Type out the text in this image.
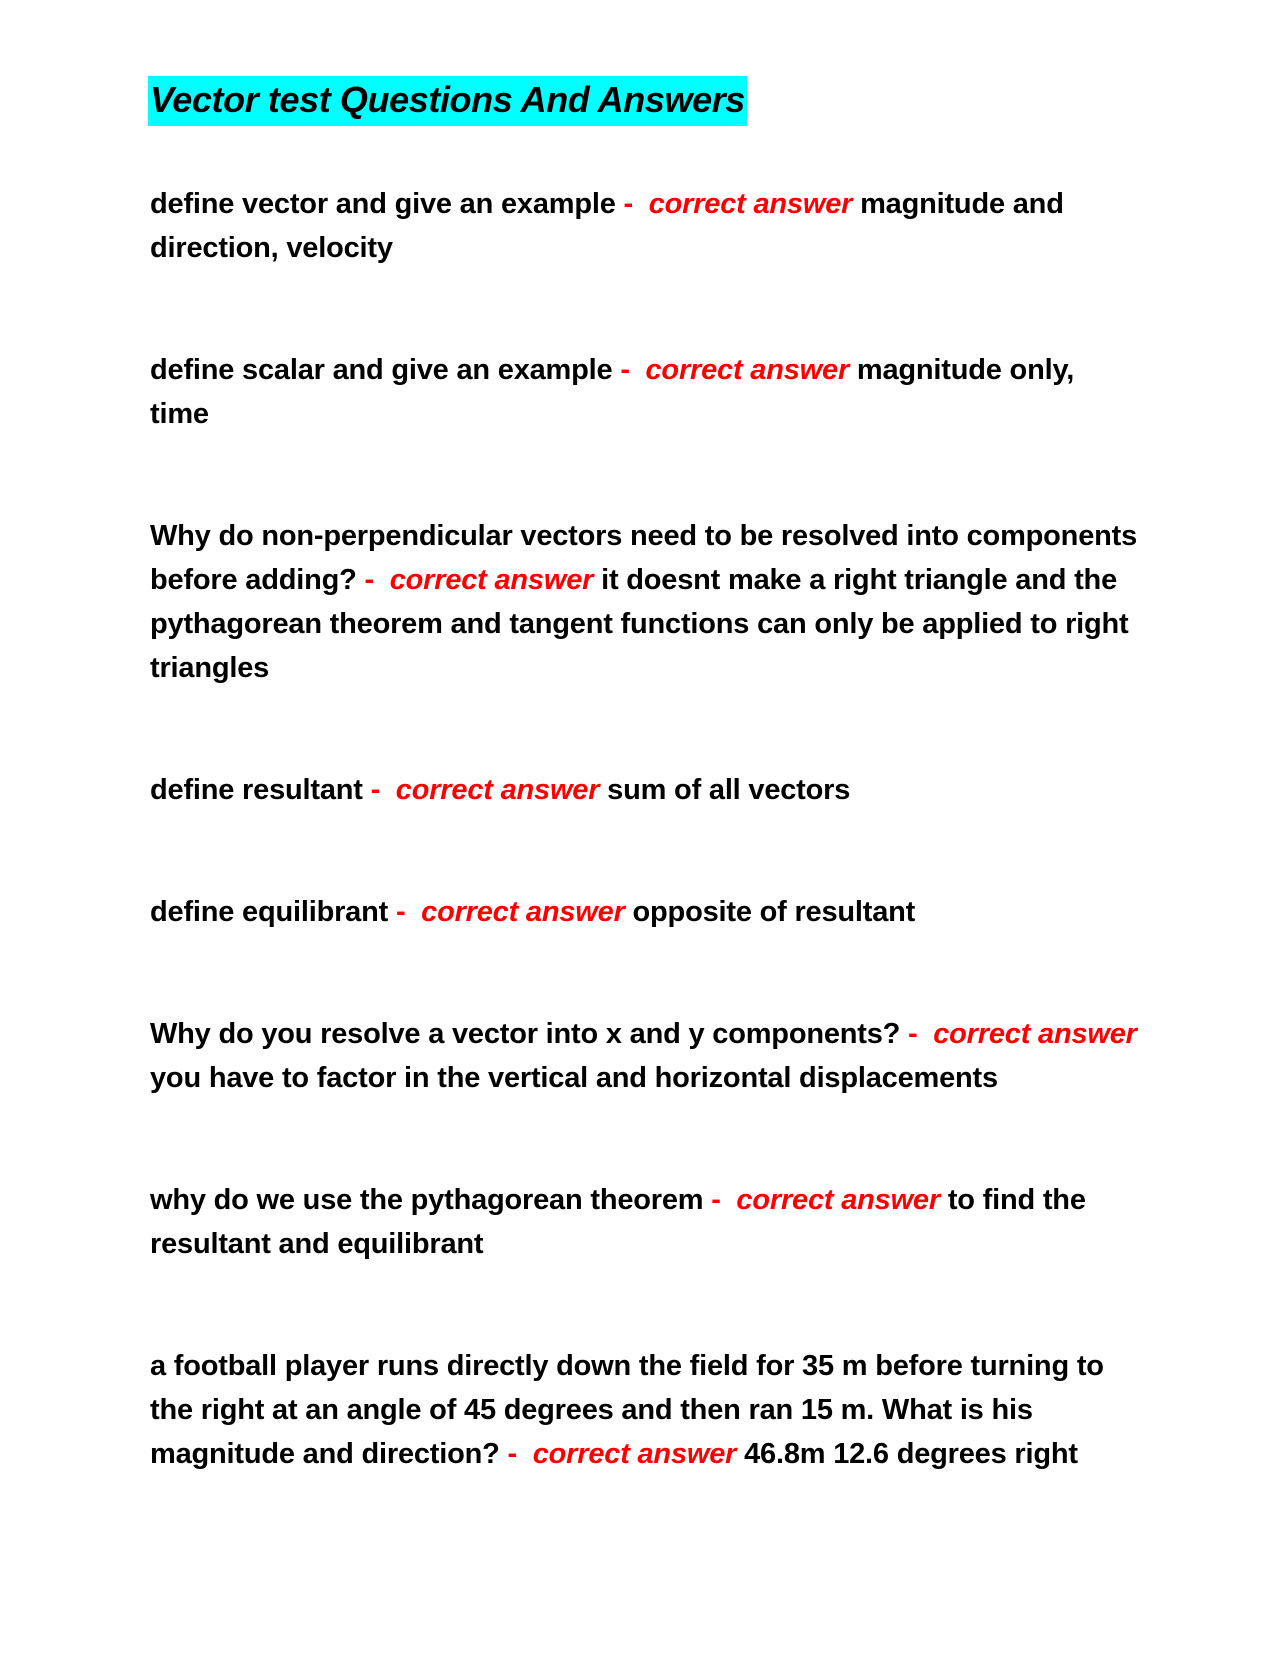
Vector test Questions And Answers

define vector and give an example - correct answer magnitude and direction, velocity

define scalar and give an example - correct answer magnitude only, time

Why do non-perpendicular vectors need to be resolved into components before adding? - correct answer it doesnt make a right triangle and the pythagorean theorem and tangent functions can only be applied to right triangles

define resultant - correct answer sum of all vectors

define equilibrant - correct answer opposite of resultant

Why do you resolve a vector into x and y components? - correct answer you have to factor in the vertical and horizontal displacements

why do we use the pythagorean theorem - correct answer to find the resultant and equilibrant

a football player runs directly down the field for 35 m before turning to the right at an angle of 45 degrees and then ran 15 m. What is his magnitude and direction? - correct answer 46.8m 12.6 degrees right
